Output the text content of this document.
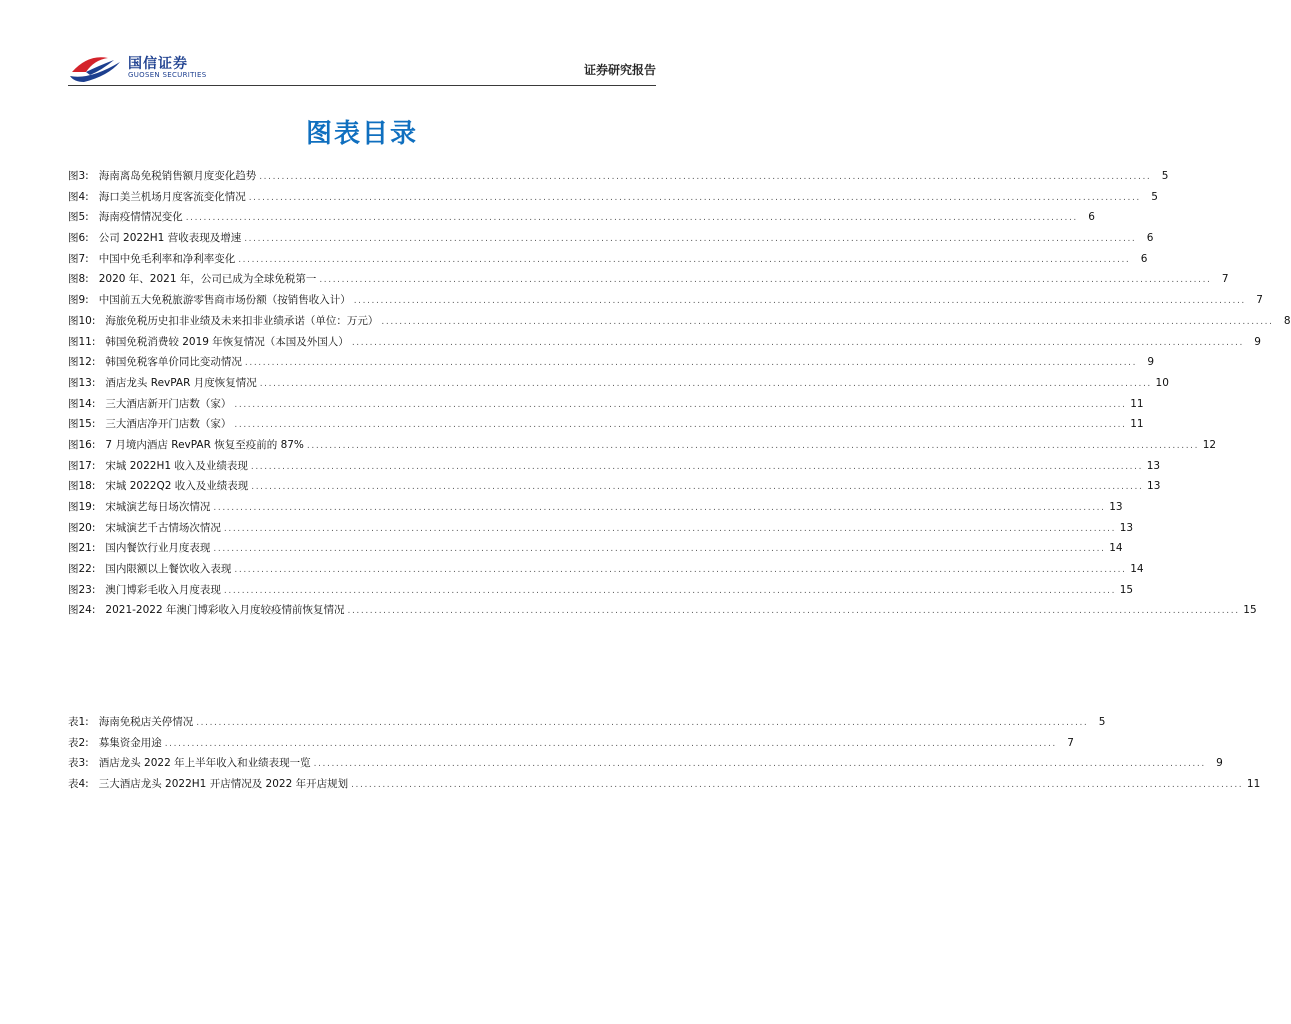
国信证券
GUOSEN SECURITIES	证券研究报告
图表目录
图3: 海南离岛免税销售额月度变化趋势 ........................................................................................................................................................................................................ 5
图4: 海口美兰机场月度客流变化情况 ........................................................................................................................................................................................................ 5
图5: 海南疫情情况变化 ........................................................................................................................................................................................................ 6
图6: 公司 2022H1 营收表现及增速 ........................................................................................................................................................................................................ 6
图7: 中国中免毛利率和净利率变化 ........................................................................................................................................................................................................ 6
图8: 2020 年、2021 年，公司已成为全球免税第一 ........................................................................................................................................................................................................ 7
图9: 中国前五大免税旅游零售商市场份额（按销售收入计） ........................................................................................................................................................................................................ 7
图10: 海旅免税历史扣非业绩及未来扣非业绩承诺（单位：万元） ........................................................................................................................................................................................................ 8
图11: 韩国免税消费较 2019 年恢复情况（本国及外国人） ........................................................................................................................................................................................................ 9
图12: 韩国免税客单价同比变动情况 ........................................................................................................................................................................................................ 9
图13: 酒店龙头 RevPAR 月度恢复情况 ........................................................................................................................................................................................................ 10
图14: 三大酒店新开门店数（家） ........................................................................................................................................................................................................ 11
图15: 三大酒店净开门店数（家） ........................................................................................................................................................................................................ 11
图16: 7 月境内酒店 RevPAR 恢复至疫前的 87% ........................................................................................................................................................................................................ 12
图17: 宋城 2022H1 收入及业绩表现 ........................................................................................................................................................................................................ 13
图18: 宋城 2022Q2 收入及业绩表现 ........................................................................................................................................................................................................ 13
图19: 宋城演艺每日场次情况 ........................................................................................................................................................................................................ 13
图20: 宋城演艺千古情场次情况 ........................................................................................................................................................................................................ 13
图21: 国内餐饮行业月度表现 ........................................................................................................................................................................................................ 14
图22: 国内限额以上餐饮收入表现 ........................................................................................................................................................................................................ 14
图23: 澳门博彩毛收入月度表现 ........................................................................................................................................................................................................ 15
图24: 2021-2022 年澳门博彩收入月度较疫情前恢复情况 ........................................................................................................................................................................................................ 15
表1: 海南免税店关停情况 ........................................................................................................................................................................................................ 5
表2: 募集资金用途 ........................................................................................................................................................................................................ 7
表3: 酒店龙头 2022 年上半年收入和业绩表现一览 ........................................................................................................................................................................................................ 9
表4: 三大酒店龙头 2022H1 开店情况及 2022 年开店规划 ........................................................................................................................................................................................................ 11
